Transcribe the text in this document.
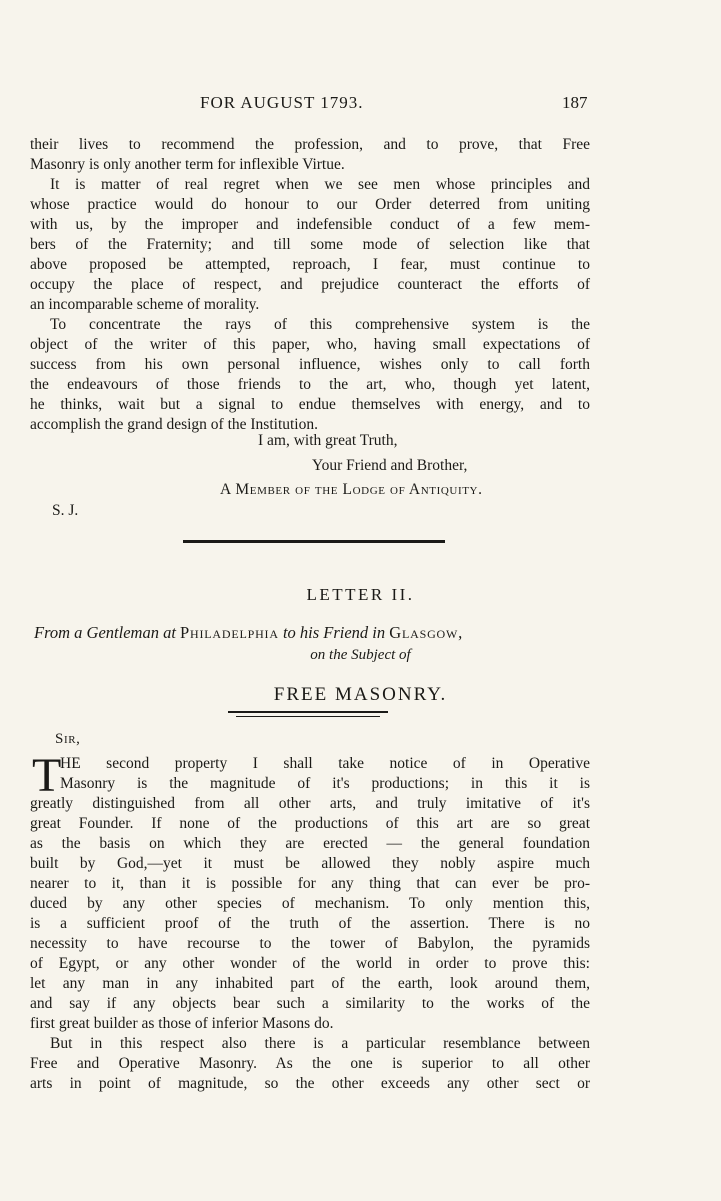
FOR AUGUST 1793.	187
their lives to recommend the profession, and to prove, that Free
Masonry is only another term for inflexible Virtue.
It is matter of real regret when we see men whose principles and
whose practice would do honour to our Order deterred from uniting
with us, by the improper and indefensible conduct of a few mem-
bers of the Fraternity; and till some mode of selection like that
above proposed be attempted, reproach, I fear, must continue to
occupy the place of respect, and prejudice counteract the efforts of
an incomparable scheme of morality.
To concentrate the rays of this comprehensive system is the
object of the writer of this paper, who, having small expectations of
success from his own personal influence, wishes only to call forth
the endeavours of those friends to the art, who, though yet latent,
he thinks, wait but a signal to endue themselves with energy, and to
accomplish the grand design of the Institution.
I am, with great Truth,
Your Friend and Brother,
A Member of the Lodge of Antiquity.
S. J.
LETTER II.
From a Gentleman at Philadelphia to his Friend in Glasgow,
on the Subject of
FREE MASONRY.
Sir,
T
HE second property I shall take notice of in Operative
Masonry is the magnitude of it's productions; in this it is
greatly distinguished from all other arts, and truly imitative of it's
great Founder. If none of the productions of this art are so great
as the basis on which they are erected — the general foundation
built by God,—yet it must be allowed they nobly aspire much
nearer to it, than it is possible for any thing that can ever be pro-
duced by any other species of mechanism. To only mention this,
is a sufficient proof of the truth of the assertion. There is no
necessity to have recourse to the tower of Babylon, the pyramids
of Egypt, or any other wonder of the world in order to prove this:
let any man in any inhabited part of the earth, look around them,
and say if any objects bear such a similarity to the works of the
first great builder as those of inferior Masons do.
But in this respect also there is a particular resemblance between
Free and Operative Masonry. As the one is superior to all other
arts in point of magnitude, so the other exceeds any other sect or
